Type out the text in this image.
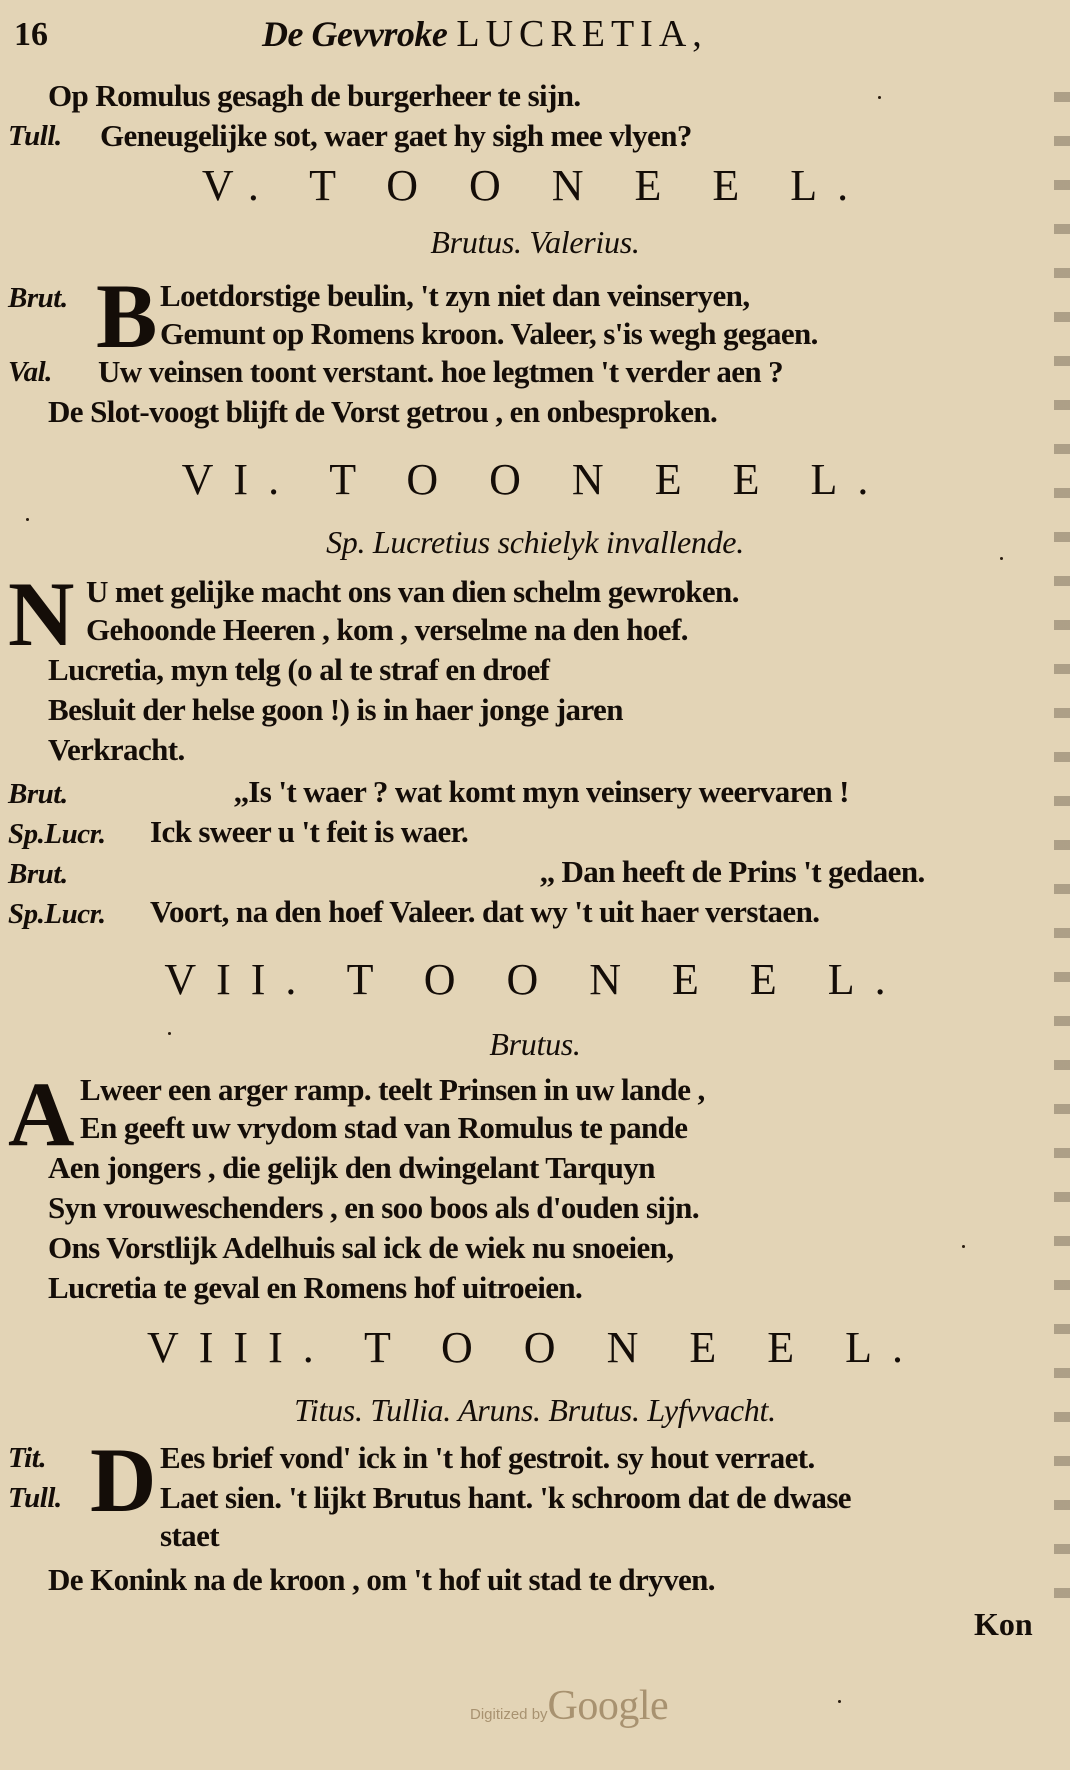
16	De Gevvroke LUCRETIA,
Op Romulus gesagh de burgerheer te sijn.
Tull. Geneugelijke sot, waer gaet hy sigh mee vlyen?
V. T O O N E E L.
Brutus. Valerius.
Brut. B Loetdorstige beulin, 't zyn niet dan veinseryen,
Gemunt op Romens kroon. Valeer, s'is wegh gegaen.
Val. Uw veinsen toont verstant. hoe legtmen 't verder aen ?
De Slot-voogt blijft de Vorst getrou , en onbesproken.
VI. T O O N E E L.
Sp. Lucretius schielyk invallende.
N U met gelijke macht ons van dien schelm gewroken.
Gehoonde Heeren , kom , verselme na den hoef.
Lucretia, myn telg (o al te straf en droef
Besluit der helse goon !) is in haer jonge jaren
Verkracht.
Brut.	,,Is 't waer ? wat komt myn veinsery weervaren !
Sp.Lucr. Ick sweer u 't feit is waer.
Brut.	,, Dan heeft de Prins 't gedaen.
Sp.Lucr. Voort, na den hoef Valeer. dat wy 't uit haer verstaen.
VII. T O O N E E L.
Brutus.
A Lweer een arger ramp. teelt Prinsen in uw lande ,
En geeft uw vrydom stad van Romulus te pande
Aen jongers , die gelijk den dwingelant Tarquyn
Syn vrouweschenders , en soo boos als d'ouden sijn.
Ons Vorstlijk Adelhuis sal ick de wiek nu snoeien,
Lucretia te geval en Romens hof uitroeien.
VIII. T O O N E E L.
Titus. Tullia. Aruns. Brutus. Lyfvvacht.
Tit.
Tull. D Ees brief vond' ick in 't hof gestroit. sy hout verraet.
Laet sien. 't lijkt Brutus hant. 'k schroom dat de dwase
staet
De Konink na de kroon , om 't hof uit stad te dryven.
Kon
Digitized byGoogle
